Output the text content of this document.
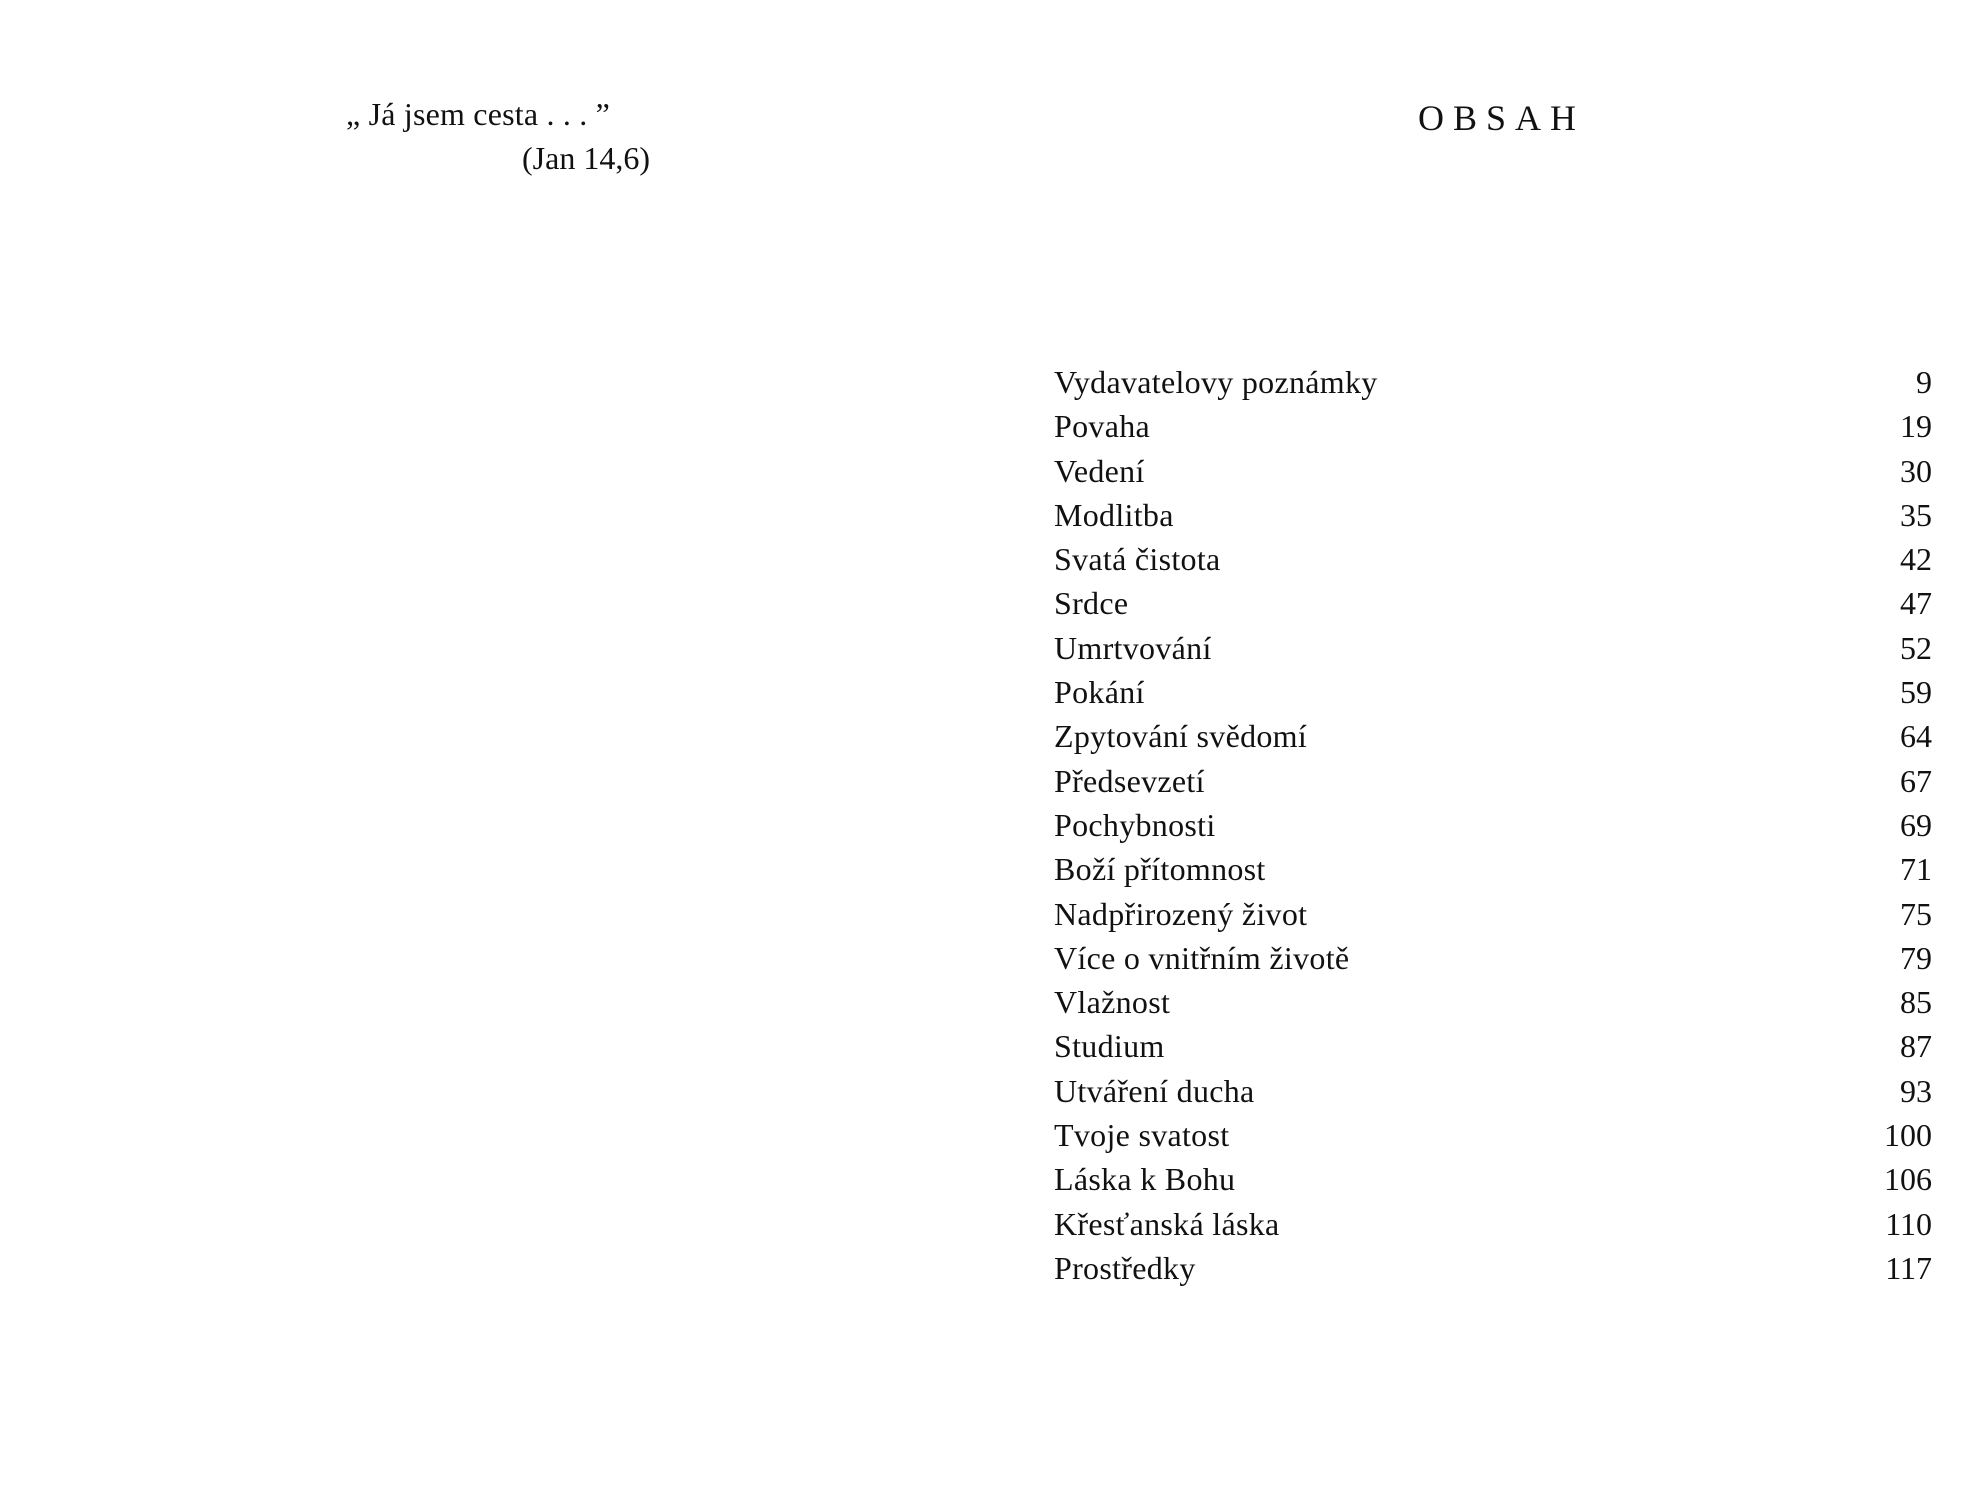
„ Já jsem cesta . . . ”
(Jan 14,6)
OBSAH
Vydavatelovy poznámky	9
Povaha	19
Vedení	30
Modlitba	35
Svatá čistota	42
Srdce	47
Umrtvování	52
Pokání	59
Zpytování svědomí	64
Předsevzetí	67
Pochybnosti	69
Boží přítomnost	71
Nadpřirozený život	75
Více o vnitřním životě	79
Vlažnost	85
Studium	87
Utváření ducha	93
Tvoje svatost	100
Láska k Bohu	106
Křesťanská láska	110
Prostředky	117
